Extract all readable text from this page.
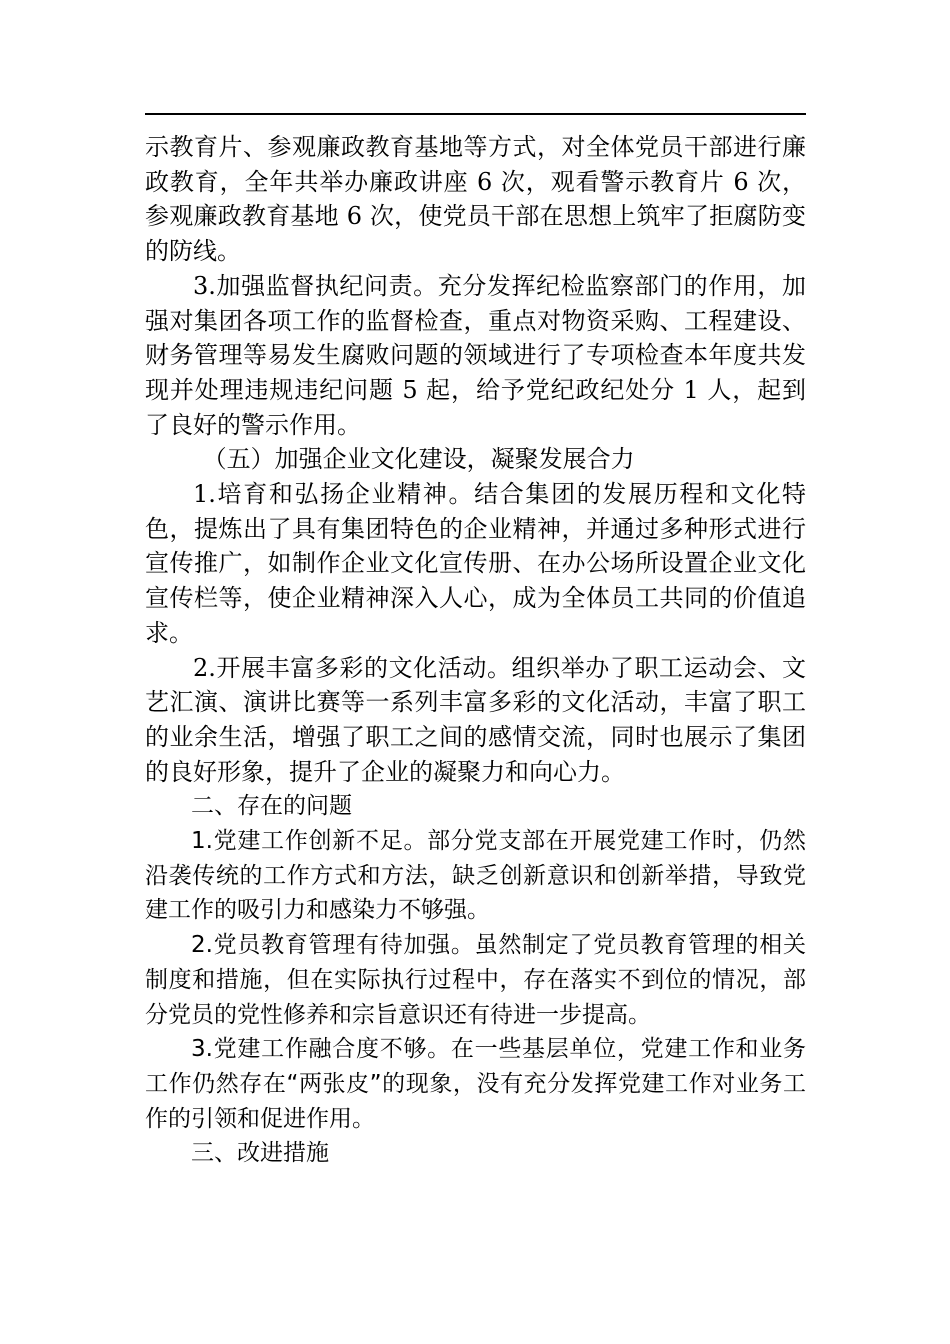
示教育片、参观廉政教育基地等方式，对全体党员干部进行廉政教育，全年共举办廉政讲座 6 次，观看警示教育片 6 次，参观廉政教育基地 6 次，使党员干部在思想上筑牢了拒腐防变的防线。

3.加强监督执纪问责。充分发挥纪检监察部门的作用，加强对集团各项工作的监督检查，重点对物资采购、工程建设、财务管理等易发生腐败问题的领域进行了专项检查本年度共发现并处理违规违纪问题 5 起，给予党纪政纪处分 1 人，起到了良好的警示作用。

（五）加强企业文化建设，凝聚发展合力

1.培育和弘扬企业精神。结合集团的发展历程和文化特色，提炼出了具有集团特色的企业精神，并通过多种形式进行宣传推广，如制作企业文化宣传册、在办公场所设置企业文化宣传栏等，使企业精神深入人心，成为全体员工共同的价值追求。

2.开展丰富多彩的文化活动。组织举办了职工运动会、文艺汇演、演讲比赛等一系列丰富多彩的文化活动，丰富了职工的业余生活，增强了职工之间的感情交流，同时也展示了集团的良好形象，提升了企业的凝聚力和向心力。

二、存在的问题

1.党建工作创新不足。部分党支部在开展党建工作时，仍然沿袭传统的工作方式和方法，缺乏创新意识和创新举措，导致党建工作的吸引力和感染力不够强。

2.党员教育管理有待加强。虽然制定了党员教育管理的相关制度和措施，但在实际执行过程中，存在落实不到位的情况，部分党员的党性修养和宗旨意识还有待进一步提高。

3.党建工作融合度不够。在一些基层单位，党建工作和业务工作仍然存在“两张皮”的现象，没有充分发挥党建工作对业务工作的引领和促进作用。

三、改进措施
